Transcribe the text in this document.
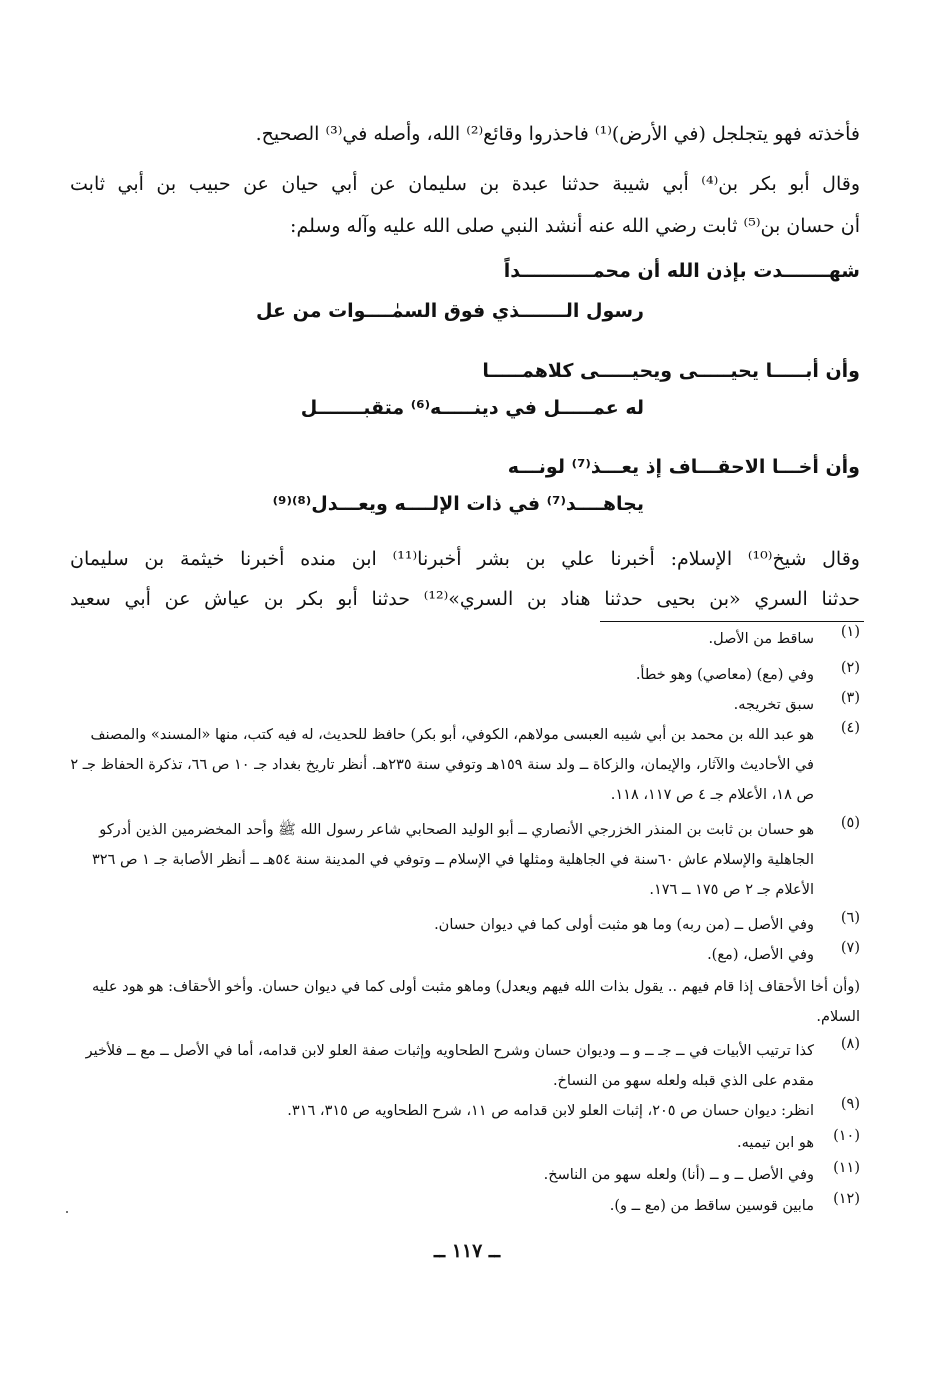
فأخذته فهو يتجلجل (في الأرض)⁽¹⁾ فاحذروا وقائع⁽²⁾ الله، وأصله في⁽³⁾ الصحيح.
وقال أبو بكر بن⁽⁴⁾ أبي شيبة حدثنا عبدة بن سليمان عن أبي حيان عن حبيب بن أبي ثابت
أن حسان بن⁽⁵⁾ ثابت رضي الله عنه أنشد النبي صلى الله عليه وآله وسلم:
شهـــــــدت بإذن الله أن محمـــــــــــداً
رسول الـــــــذي فوق السمٰــــوات من عل
وأن أبـــــا يحيـــــى ويحيـــــى كلاهمـــــا
له عمـــــل في دينـــــه⁽⁶⁾ متقبـــــــل
وأن أخـــا الاحقـــاف إذ يعـــذ⁽⁷⁾ لونـــه
يجاهــــد⁽⁷⁾ في ذات الإلــــه ويعـــدل⁽⁸⁾⁽⁹⁾
وقال شيخ⁽¹⁰⁾ الإسلام: أخبرنا علي بن بشر أخبرنا⁽¹¹⁾ ابن منده أخبرنا خيثمة بن سليمان
حدثنا السري «بن بحيى حدثنا هناد بن السري»⁽¹²⁾ حدثنا أبو بكر بن عياش عن أبي سعيد
(١)
ساقط من الأصل.
(٢)
وفي (مع) (معاصي) وهو خطأ.
(٣)
سبق تخريجه.
(٤)
هو عبد الله بن محمد بن أبي شيبه العبسى مولاهم، الكوفي، أبو بكر) حافظ للحديث، له فيه كتب، منها «المسند» والمصنف في الأحاديث والآثار، والإيمان، والزكاة ــ ولد سنة ١٥٩هـ وتوفي سنة ٢٣٥هـ. أنظر تاريخ بغداد جـ ١٠ ص ٦٦، تذكرة الحفاظ جـ ٢ ص ١٨، الأعلام جـ ٤ ص ١١٧، ١١٨.
(٥)
هو حسان بن ثابت بن المنذر الخزرجي الأنصاري ــ أبو الوليد الصحابي شاعر رسول الله ﷺ وأحد المخضرمين الذين أدركو الجاهلية والإسلام عاش ٦٠سنة في الجاهلية ومثلها في الإسلام ــ وتوفي في المدينة سنة ٥٤هـ ــ أنظر الأصابة جـ ١ ص ٣٢٦ الأعلام جـ ٢ ص ١٧٥ ــ ١٧٦.
(٦)
وفي الأصل ــ (من ربه) وما هو مثبت أولى كما في ديوان حسان.
(٧)
وفي الأصل، (مع).
(وأن أخا الأحقاف إذا قام فيهم .. يقول بذات الله فيهم ويعدل) وماهو مثبت أولى كما في ديوان حسان. وأخو الأحقاف: هو هود عليه السلام.
(٨)
كذا ترتيب الأبيات في ــ جـ ــ و ــ وديوان حسان وشرح الطحاويه وإثبات صفة العلو لابن قدامه، أما في الأصل ــ مع ــ فلأخير مقدم على الذي قبله ولعله سهو من النساخ.
(٩)
انظر: ديوان حسان ص ٢٠٥، إثبات العلو لابن قدامه ص ١١، شرح الطحاويه ص ٣١٥، ٣١٦.
(١٠)
هو ابن تيميه.
(١١)
وفي الأصل ــ و ــ (أنا) ولعله سهو من الناسخ.
(١٢)
مابين قوسين ساقط من (مع ــ و).
ــ ١١٧ ــ
